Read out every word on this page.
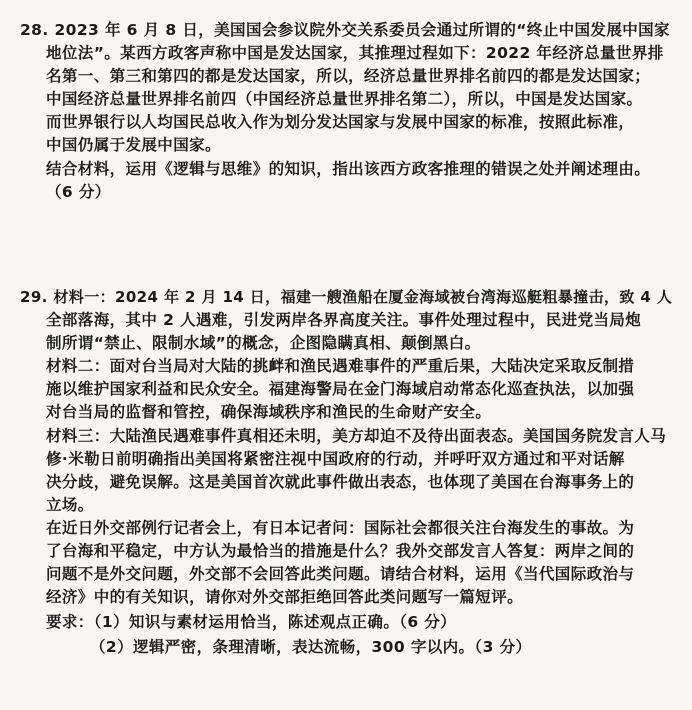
28. 2023 年 6 月 8 日，美国国会参议院外交关系委员会通过所谓的“终止中国发展中国家
地位法”。某西方政客声称中国是发达国家，其推理过程如下：2022 年经济总量世界排
名第一、第三和第四的都是发达国家，所以，经济总量世界排名前四的都是发达国家；
中国经济总量世界排名前四（中国经济总量世界排名第二），所以，中国是发达国家。
而世界银行以人均国民总收入作为划分发达国家与发展中国家的标准，按照此标准，
中国仍属于发展中国家。
结合材料，运用《逻辑与思维》的知识，指出该西方政客推理的错误之处并阐述理由。
（6 分）
29. 材料一：2024 年 2 月 14 日，福建一艘渔船在厦金海域被台湾海巡艇粗暴撞击，致 4 人
全部落海，其中 2 人遇难，引发两岸各界高度关注。事件处理过程中，民进党当局炮
制所谓“禁止、限制水域”的概念，企图隐瞒真相、颠倒黑白。
材料二：面对台当局对大陆的挑衅和渔民遇难事件的严重后果，大陆决定采取反制措
施以维护国家利益和民众安全。福建海警局在金门海域启动常态化巡查执法，以加强
对台当局的监督和管控，确保海域秩序和渔民的生命财产安全。
材料三：大陆渔民遇难事件真相还未明，美方却迫不及待出面表态。美国国务院发言人马
修·米勒日前明确指出美国将紧密注视中国政府的行动，并呼吁双方通过和平对话解
决分歧，避免误解。这是美国首次就此事件做出表态，也体现了美国在台海事务上的
立场。
在近日外交部例行记者会上，有日本记者问：国际社会都很关注台海发生的事故。为
了台海和平稳定，中方认为最恰当的措施是什么？我外交部发言人答复：两岸之间的
问题不是外交问题，外交部不会回答此类问题。请结合材料，运用《当代国际政治与
经济》中的有关知识，请你对外交部拒绝回答此类问题写一篇短评。
要求：（1）知识与素材运用恰当，陈述观点正确。（6 分）
（2）逻辑严密，条理清晰，表达流畅，300 字以内。（3 分）
